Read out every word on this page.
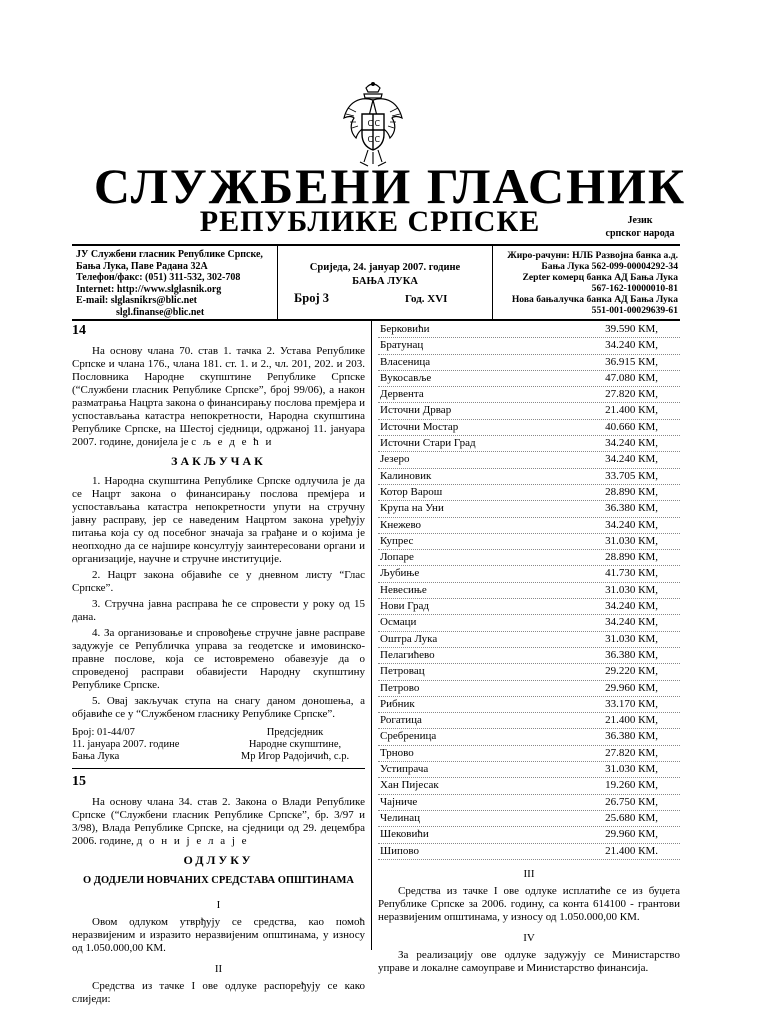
С С
С С
СЛУЖБЕНИ ГЛАСНИК
РЕПУБЛИКЕ СРПСКЕ	Језик
српског народа
ЈУ Службени гласник Републике Српске,
Бања Лука, Паве Радана 32А
Телефон/факс: (051) 311-532, 302-708
Internet: http://www.slglasnik.org
E-mail: slglasnikrs@blic.net
slgl.finanse@blic.net
Сриједа, 24. јануар 2007. године
БАЊА ЛУКА
Број 3	Год. XVI
Жиро-рачуни: НЛБ Развојна банка а.д.
Бања Лука 562-099-00004292-34
Zepter комерц банка АД Бања Лука
567-162-10000010-81
Нова бањалучка банка АД Бања Лука
551-001-00029639-61
14

На основу члана 70. став 1. тачка 2. Устава Републике Српске и члана 176., члана 181. ст. 1. и 2., чл. 201, 202. и 203. Пословника Народне скупштине Републике Српске (“Службени гласник Републике Српске”, број 99/06), а након разматрања Нацрта закона о финансирању послова премјера и успостављања катастра непокретности, Народна скупштина Републике Српске, на Шестој сједници, одржаној 11. јануара 2007. године, донијела је с љ е д е ћ и

ЗАКЉУЧАК

1. Народна скупштина Републике Српске одлучила је да се Нацрт закона о финансирању послова премјера и успостављања катастра непокретности упути на стручну јавну расправу, јер се наведеним Нацртом закона уређују питања која су од посебног значаја за грађане и о којима је неопходно да се најшире консултују заинтересовани органи и организације, научне и стручне институције.

2. Нацрт закона објавиће се у дневном листу “Глас Српске”.

3. Стручна јавна расправа ће се спровести у року од 15 дана.

4. За организовање и спровођење стручне јавне расправе задужује се Републичка управа за геодетске и имовинско-правне послове, која се истовремено обавезује да о спроведеној расправи обавијести Народну скупштину Републике Српске.

5. Овај закључак ступа на снагу даном доношења, а објавиће се у “Службеном гласнику Републике Српске”.

Број: 01-44/07
11. јануара 2007. године
Бања Лука
Предсједник
Народне скупштине,
Мр Игор Радојичић, с.р.
15

На основу члана 34. став 2. Закона о Влади Републике Српске (“Службени гласник Републике Српске”, бр. 3/97 и 3/98), Влада Републике Српске, на сједници од 29. децембра 2006. године, д о н и ј е л а ј е

ОДЛУКУ
О ДОДЈЕЛИ НОВЧАНИХ СРЕДСТАВА ОПШТИНАМА
I

Овом одлуком утврђују се средства, као помоћ неразвијеним и изразито неразвијеним општинама, у износу од 1.050.000,00 КМ.

II

Средства из тачке I ове одлуке распоређују се како слиједи:

Берковићи	39.590 КМ,
Братунац	34.240 КМ,
Власеница	36.915 КМ,
Вукосавље	47.080 КМ,
Дервента	27.820 КМ,
Источни Дрвар	21.400 КМ,
Источни Мостар	40.660 КМ,
Источни Стари Град	34.240 КМ,
Језеро	34.240 КМ,
Калиновик	33.705 КМ,
Котор Варош	28.890 КМ,
Крупа на Уни	36.380 КМ,
Кнежево	34.240 КМ,
Купрес	31.030 КМ,
Лопаре	28.890 КМ,
Љубиње	41.730 КМ,
Невесиње	31.030 КМ,
Нови Град	34.240 КМ,
Осмаци	34.240 КМ,
Оштра Лука	31.030 КМ,
Пелагићево	36.380 КМ,
Петровац	29.220 КМ,
Петрово	29.960 КМ,
Рибник	33.170 КМ,
Рогатица	21.400 КМ,
Сребреница	36.380 КМ,
Трново	27.820 КМ,
Устипрача	31.030 КМ,
Хан Пијесак	19.260 КМ,
Чајниче	26.750 КМ,
Челинац	25.680 КМ,
Шековићи	29.960 КМ,
Шипово	21.400 КМ.
III

Средства из тачке I ове одлуке исплатиће се из буџета Републике Српске за 2006. годину, са конта 614100 - грантови неразвијеним општинама, у износу од 1.050.000,00 КМ.

IV

За реализацију ове одлуке задужују се Министарство управе и локалне самоуправе и Министарство финансија.
